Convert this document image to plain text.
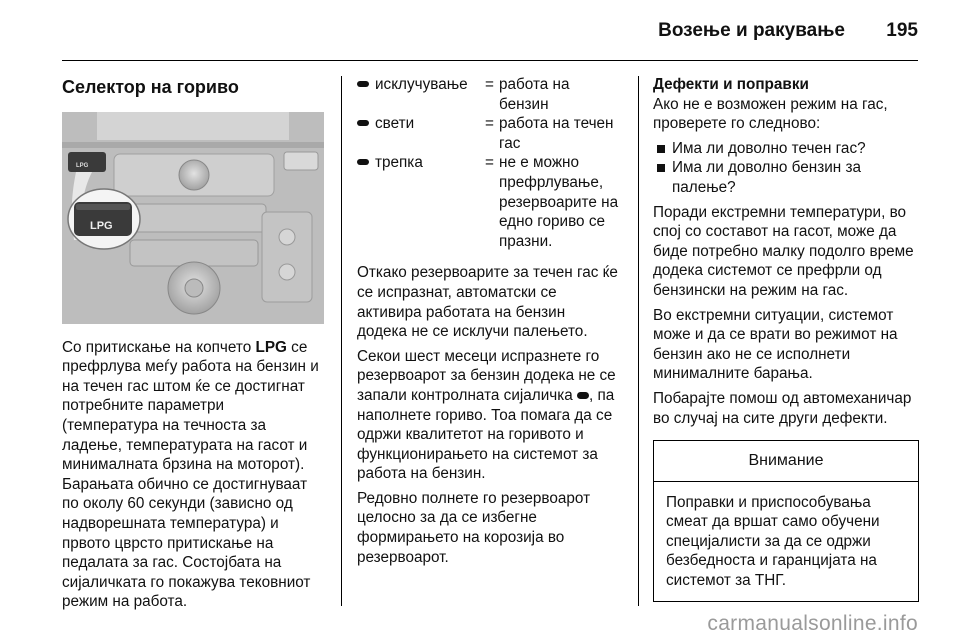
Возење и ракување 195
Селектор на гориво
LPG
LPG

Со притискање на копчето LPG се префрлува меѓу работа на бензин и на течен гас штом ќе се достигнат потребните параметри (температура на течноста за ладење, температурата на гасот и минималната брзина на моторот). Барањата обично се достигнуваат по околу 60 секунди (зависно од надворешната температура) и првото цврсто притискање на педалата за гас. Состојбата на сијаличката го покажува тековниот режим на работа.

исклучување = работа на бензин
свети	= работа на течен гас
трепка	= не е можно префрлување, резервоарите на едно гориво се празни.

Откако резервоарите за течен гас ќе се испразнат, автоматски се активира работата на бензин додека не се исклучи палењето.

Секои шест месеци испразнете го резервоарот за бензин додека не се запали контролната сијаличка , па наполнете гориво. Тоа помага да се одржи квалитетот на горивото и функционирањето на системот за работа на бензин.

Редовно полнете го резервоарот целосно за да се избегне формирањето на корозија во резервоарот.

Дефекти и поправки

Ако не е возможен режим на гас, проверете го следново:

Има ли доволно течен гас?
Има ли доволно бензин за палење?

Поради екстремни температури, во спој со составот на гасот, може да биде потребно малку подолго време додека системот се префрли од бензински на режим на гас.

Во екстремни ситуации, системот може и да се врати во режимот на бензин ако не се исполнети минималните барања.

Побарајте помош од автомеханичар во случај на сите други дефекти.

Внимание
Поправки и приспособувања смеат да вршат само обучени специјалисти за да се одржи безбедноста и гаранцијата на системот за ТНГ.
carmanualsonline.info
